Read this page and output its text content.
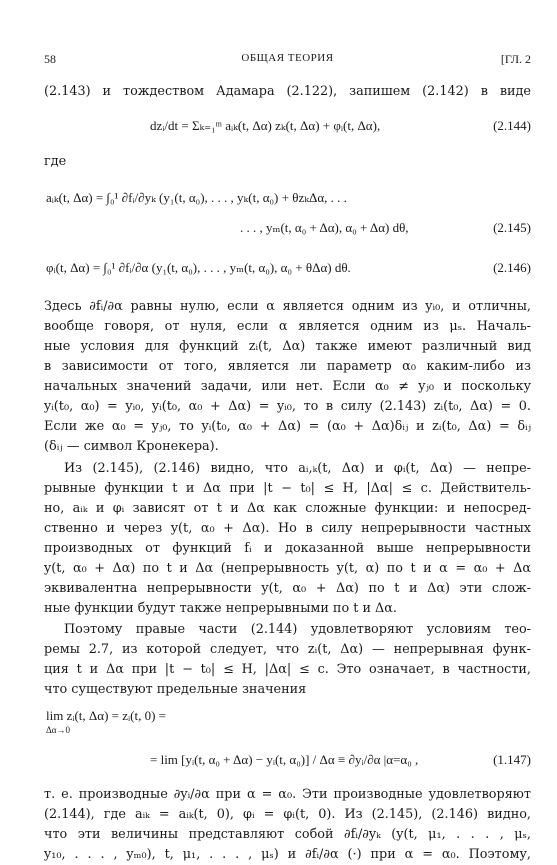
58	ОБЩАЯ ТЕОРИЯ	[ГЛ. 2
(2.143) и тождеством Адамара (2.122), запишем (2.142) в виде
dzᵢ/dt = Σₖ₌₁ᵐ aᵢₖ(t, Δα) zₖ(t, Δα) + φᵢ(t, Δα),	(2.144)
где
aᵢₖ(t, Δα) = ∫₀¹ ∂fᵢ/∂yₖ (y₁(t, α₀), . . . , yₖ(t, α₀) + θzₖΔα, . . .
. . . , yₘ(t, α₀ + Δα), α₀ + Δα) dθ,	(2.145)
φᵢ(t, Δα) = ∫₀¹ ∂fᵢ/∂α (y₁(t, α₀), . . . , yₘ(t, α₀), α₀ + θΔα) dθ.	(2.146)
Здесь ∂fᵢ/∂α равны нулю, если α является одним из yᵢ₀, и отличны,
вообще говоря, от нуля, если α является одним из μₛ. Началь-
ные условия для функций zᵢ(t, Δα) также имеют различный вид
в зависимости от того, является ли параметр α₀ каким-либо из
начальных значений задачи, или нет. Если α₀ ≠ yⱼ₀ и поскольку
yᵢ(t₀, α₀) = yᵢ₀, yᵢ(t₀, α₀ + Δα) = yᵢ₀, то в силу (2.143) zᵢ(t₀, Δα) = 0.
Если же α₀ = yⱼ₀, то yᵢ(t₀, α₀ + Δα) = (α₀ + Δα)δᵢⱼ и zᵢ(t₀, Δα) = δᵢⱼ
(δᵢⱼ — символ Кронекера).
Из (2.145), (2.146) видно, что aᵢ,ₖ(t, Δα) и φᵢ(t, Δα) — непре-
рывные функции t и Δα при |t − t₀| ≤ H, |Δα| ≤ c. Действитель-
но, aᵢₖ и φᵢ зависят от t и Δα как сложные функции: и непосред-
ственно и через y(t, α₀ + Δα). Но в силу непрерывности частных
производных от функций fᵢ и доказанной выше непрерывности
y(t, α₀ + Δα) по t и Δα (непрерывность y(t, α) по t и α = α₀ + Δα
эквивалентна непрерывности y(t, α₀ + Δα) по t и Δα) эти слож-
ные функции будут также непрерывными по t и Δα.
Поэтому правые части (2.144) удовлетворяют условиям тео-
ремы 2.7, из которой следует, что zᵢ(t, Δα) — непрерывная функ-
ция t и Δα при |t − t₀| ≤ H, |Δα| ≤ c. Это означает, в частности,
что существуют предельные значения
lim zᵢ(t, Δα) = zᵢ(t, 0) =
Δα→0
= lim [yᵢ(t, α₀ + Δα) − yᵢ(t, α₀)] / Δα ≡ ∂yᵢ/∂α |α=α₀ ,	(1.147)
т. е. производные ∂yᵢ/∂α при α = α₀. Эти производные удовлетворяют
(2.144), где aᵢₖ = aᵢₖ(t, 0), φᵢ = φᵢ(t, 0). Из (2.145), (2.146) видно,
что эти величины представляют собой ∂fᵢ/∂yₖ (y(t, μ₁, . . . , μₛ,
y₁₀, . . . , yₘ₀), t, μ₁, . . . , μₛ) и ∂fᵢ/∂α (·) при α = α₀. Поэтому,
